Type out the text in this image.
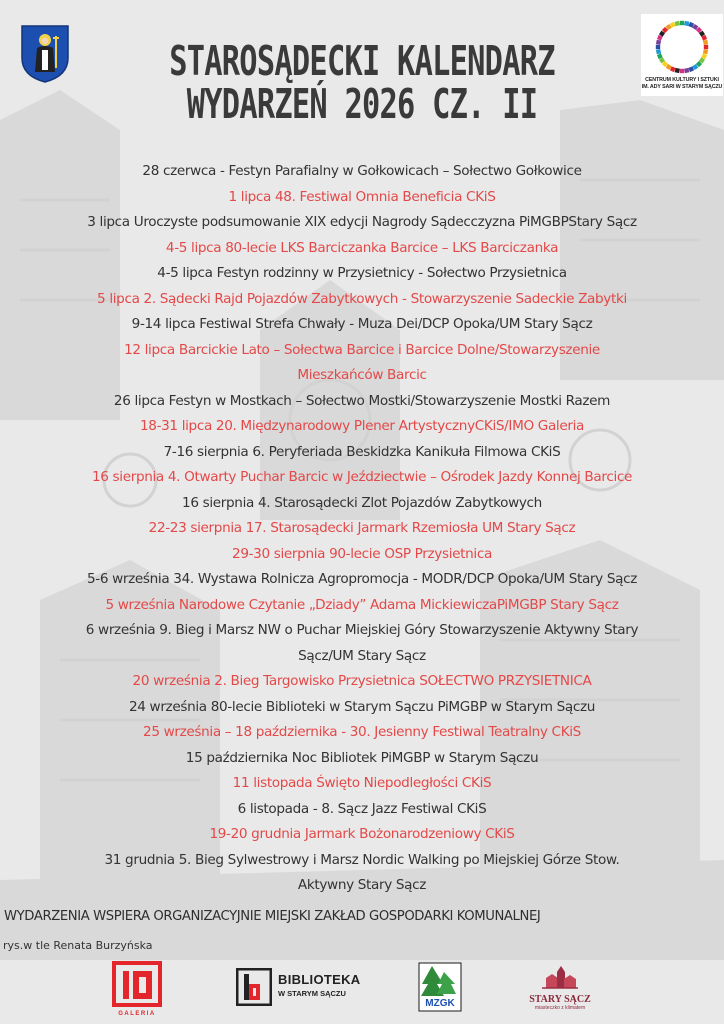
CENTRUM KULTURY I SZTUKI
IM. ADY SARI W STARYM SĄCZU
STAROSĄDECKI KALENDARZ
WYDARZEŃ 2026 CZ. II
28 czerwca - Festyn Parafialny w Gołkowicach – Sołectwo Gołkowice
1 lipca 48. Festiwal Omnia Beneficia CKiS
3 lipca Uroczyste podsumowanie XIX edycji Nagrody Sądecczyzna PiMGBPStary Sącz
4-5 lipca 80-lecie LKS Barciczanka Barcice – LKS Barciczanka
4-5 lipca Festyn rodzinny w Przysietnicy - Sołectwo Przysietnica
5 lipca 2. Sądecki Rajd Pojazdów Zabytkowych - Stowarzyszenie Sadeckie Zabytki
9-14 lipca Festiwal Strefa Chwały - Muza Dei/DCP Opoka/UM Stary Sącz
12 lipca Barcickie Lato – Sołectwa Barcice i Barcice Dolne/Stowarzyszenie
Mieszkańców Barcic
26 lipca Festyn w Mostkach – Sołectwo Mostki/Stowarzyszenie Mostki Razem
18-31 lipca 20. Międzynarodowy Plener ArtystycznyCKiS/IMO Galeria
7-16 sierpnia 6. Peryferiada Beskidzka Kanikuła Filmowa CKiS
16 sierpnia 4. Otwarty Puchar Barcic w Jeździectwie – Ośrodek Jazdy Konnej Barcice
16 sierpnia 4. Starosądecki Zlot Pojazdów Zabytkowych
22-23 sierpnia 17. Starosądecki Jarmark Rzemiosła UM Stary Sącz
29-30 sierpnia 90-lecie OSP Przysietnica
5-6 września 34. Wystawa Rolnicza Agropromocja - MODR/DCP Opoka/UM Stary Sącz
5 września Narodowe Czytanie „Dziady” Adama MickiewiczaPiMGBP Stary Sącz
6 września 9. Bieg i Marsz NW o Puchar Miejskiej Góry Stowarzyszenie Aktywny Stary
Sącz/UM Stary Sącz
20 września 2. Bieg Targowisko Przysietnica SOŁECTWO PRZYSIETNICA
24 września 80-lecie Biblioteki w Starym Sączu PiMGBP w Starym Sączu
25 września – 18 października - 30. Jesienny Festiwal Teatralny CKiS
15 października Noc Bibliotek PiMGBP w Starym Sączu
11 listopada Święto Niepodległości CKiS
6 listopada - 8. Sącz Jazz Festiwal CKiS
19-20 grudnia Jarmark Bożonarodzeniowy CKiS
31 grudnia 5. Bieg Sylwestrowy i Marsz Nordic Walking po Miejskiej Górze Stow.
Aktywny Stary Sącz
WYDARZENIA WSPIERA ORGANIZACYJNIE MIEJSKI ZAKŁAD GOSPODARKI KOMUNALNEJ
rys.w tle Renata Burzyńska
GALERIA
BIBLIOTEKA
W STARYM SĄCZU
MZGK	STARY SĄCZ
miasteczko z klimatem
